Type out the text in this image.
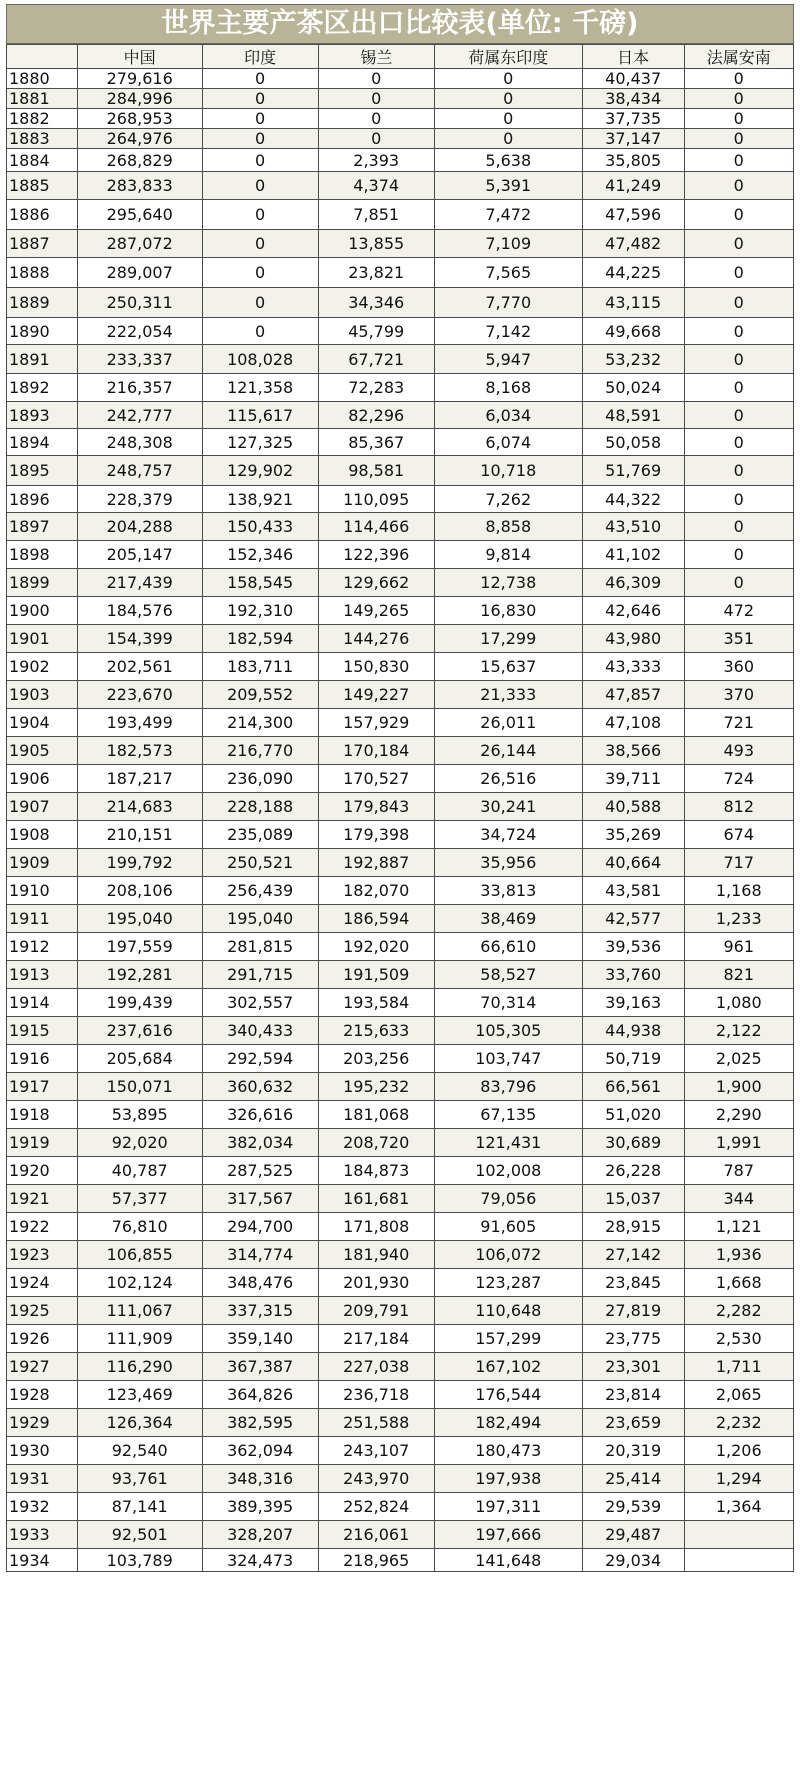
世界主要产茶区出口比较表(单位: 千磅)
	中国	印度	锡兰	荷属东印度	日本	法属安南
1880	279,616	0	0	0	40,437	0
1881	284,996	0	0	0	38,434	0
1882	268,953	0	0	0	37,735	0
1883	264,976	0	0	0	37,147	0
1884	268,829	0	2,393	5,638	35,805	0
1885	283,833	0	4,374	5,391	41,249	0
1886	295,640	0	7,851	7,472	47,596	0
1887	287,072	0	13,855	7,109	47,482	0
1888	289,007	0	23,821	7,565	44,225	0
1889	250,311	0	34,346	7,770	43,115	0
1890	222,054	0	45,799	7,142	49,668	0
1891	233,337	108,028	67,721	5,947	53,232	0
1892	216,357	121,358	72,283	8,168	50,024	0
1893	242,777	115,617	82,296	6,034	48,591	0
1894	248,308	127,325	85,367	6,074	50,058	0
1895	248,757	129,902	98,581	10,718	51,769	0
1896	228,379	138,921	110,095	7,262	44,322	0
1897	204,288	150,433	114,466	8,858	43,510	0
1898	205,147	152,346	122,396	9,814	41,102	0
1899	217,439	158,545	129,662	12,738	46,309	0
1900	184,576	192,310	149,265	16,830	42,646	472
1901	154,399	182,594	144,276	17,299	43,980	351
1902	202,561	183,711	150,830	15,637	43,333	360
1903	223,670	209,552	149,227	21,333	47,857	370
1904	193,499	214,300	157,929	26,011	47,108	721
1905	182,573	216,770	170,184	26,144	38,566	493
1906	187,217	236,090	170,527	26,516	39,711	724
1907	214,683	228,188	179,843	30,241	40,588	812
1908	210,151	235,089	179,398	34,724	35,269	674
1909	199,792	250,521	192,887	35,956	40,664	717
1910	208,106	256,439	182,070	33,813	43,581	1,168
1911	195,040	195,040	186,594	38,469	42,577	1,233
1912	197,559	281,815	192,020	66,610	39,536	961
1913	192,281	291,715	191,509	58,527	33,760	821
1914	199,439	302,557	193,584	70,314	39,163	1,080
1915	237,616	340,433	215,633	105,305	44,938	2,122
1916	205,684	292,594	203,256	103,747	50,719	2,025
1917	150,071	360,632	195,232	83,796	66,561	1,900
1918	53,895	326,616	181,068	67,135	51,020	2,290
1919	92,020	382,034	208,720	121,431	30,689	1,991
1920	40,787	287,525	184,873	102,008	26,228	787
1921	57,377	317,567	161,681	79,056	15,037	344
1922	76,810	294,700	171,808	91,605	28,915	1,121
1923	106,855	314,774	181,940	106,072	27,142	1,936
1924	102,124	348,476	201,930	123,287	23,845	1,668
1925	111,067	337,315	209,791	110,648	27,819	2,282
1926	111,909	359,140	217,184	157,299	23,775	2,530
1927	116,290	367,387	227,038	167,102	23,301	1,711
1928	123,469	364,826	236,718	176,544	23,814	2,065
1929	126,364	382,595	251,588	182,494	23,659	2,232
1930	92,540	362,094	243,107	180,473	20,319	1,206
1931	93,761	348,316	243,970	197,938	25,414	1,294
1932	87,141	389,395	252,824	197,311	29,539	1,364
1933	92,501	328,207	216,061	197,666	29,487	
1934	103,789	324,473	218,965	141,648	29,034	
